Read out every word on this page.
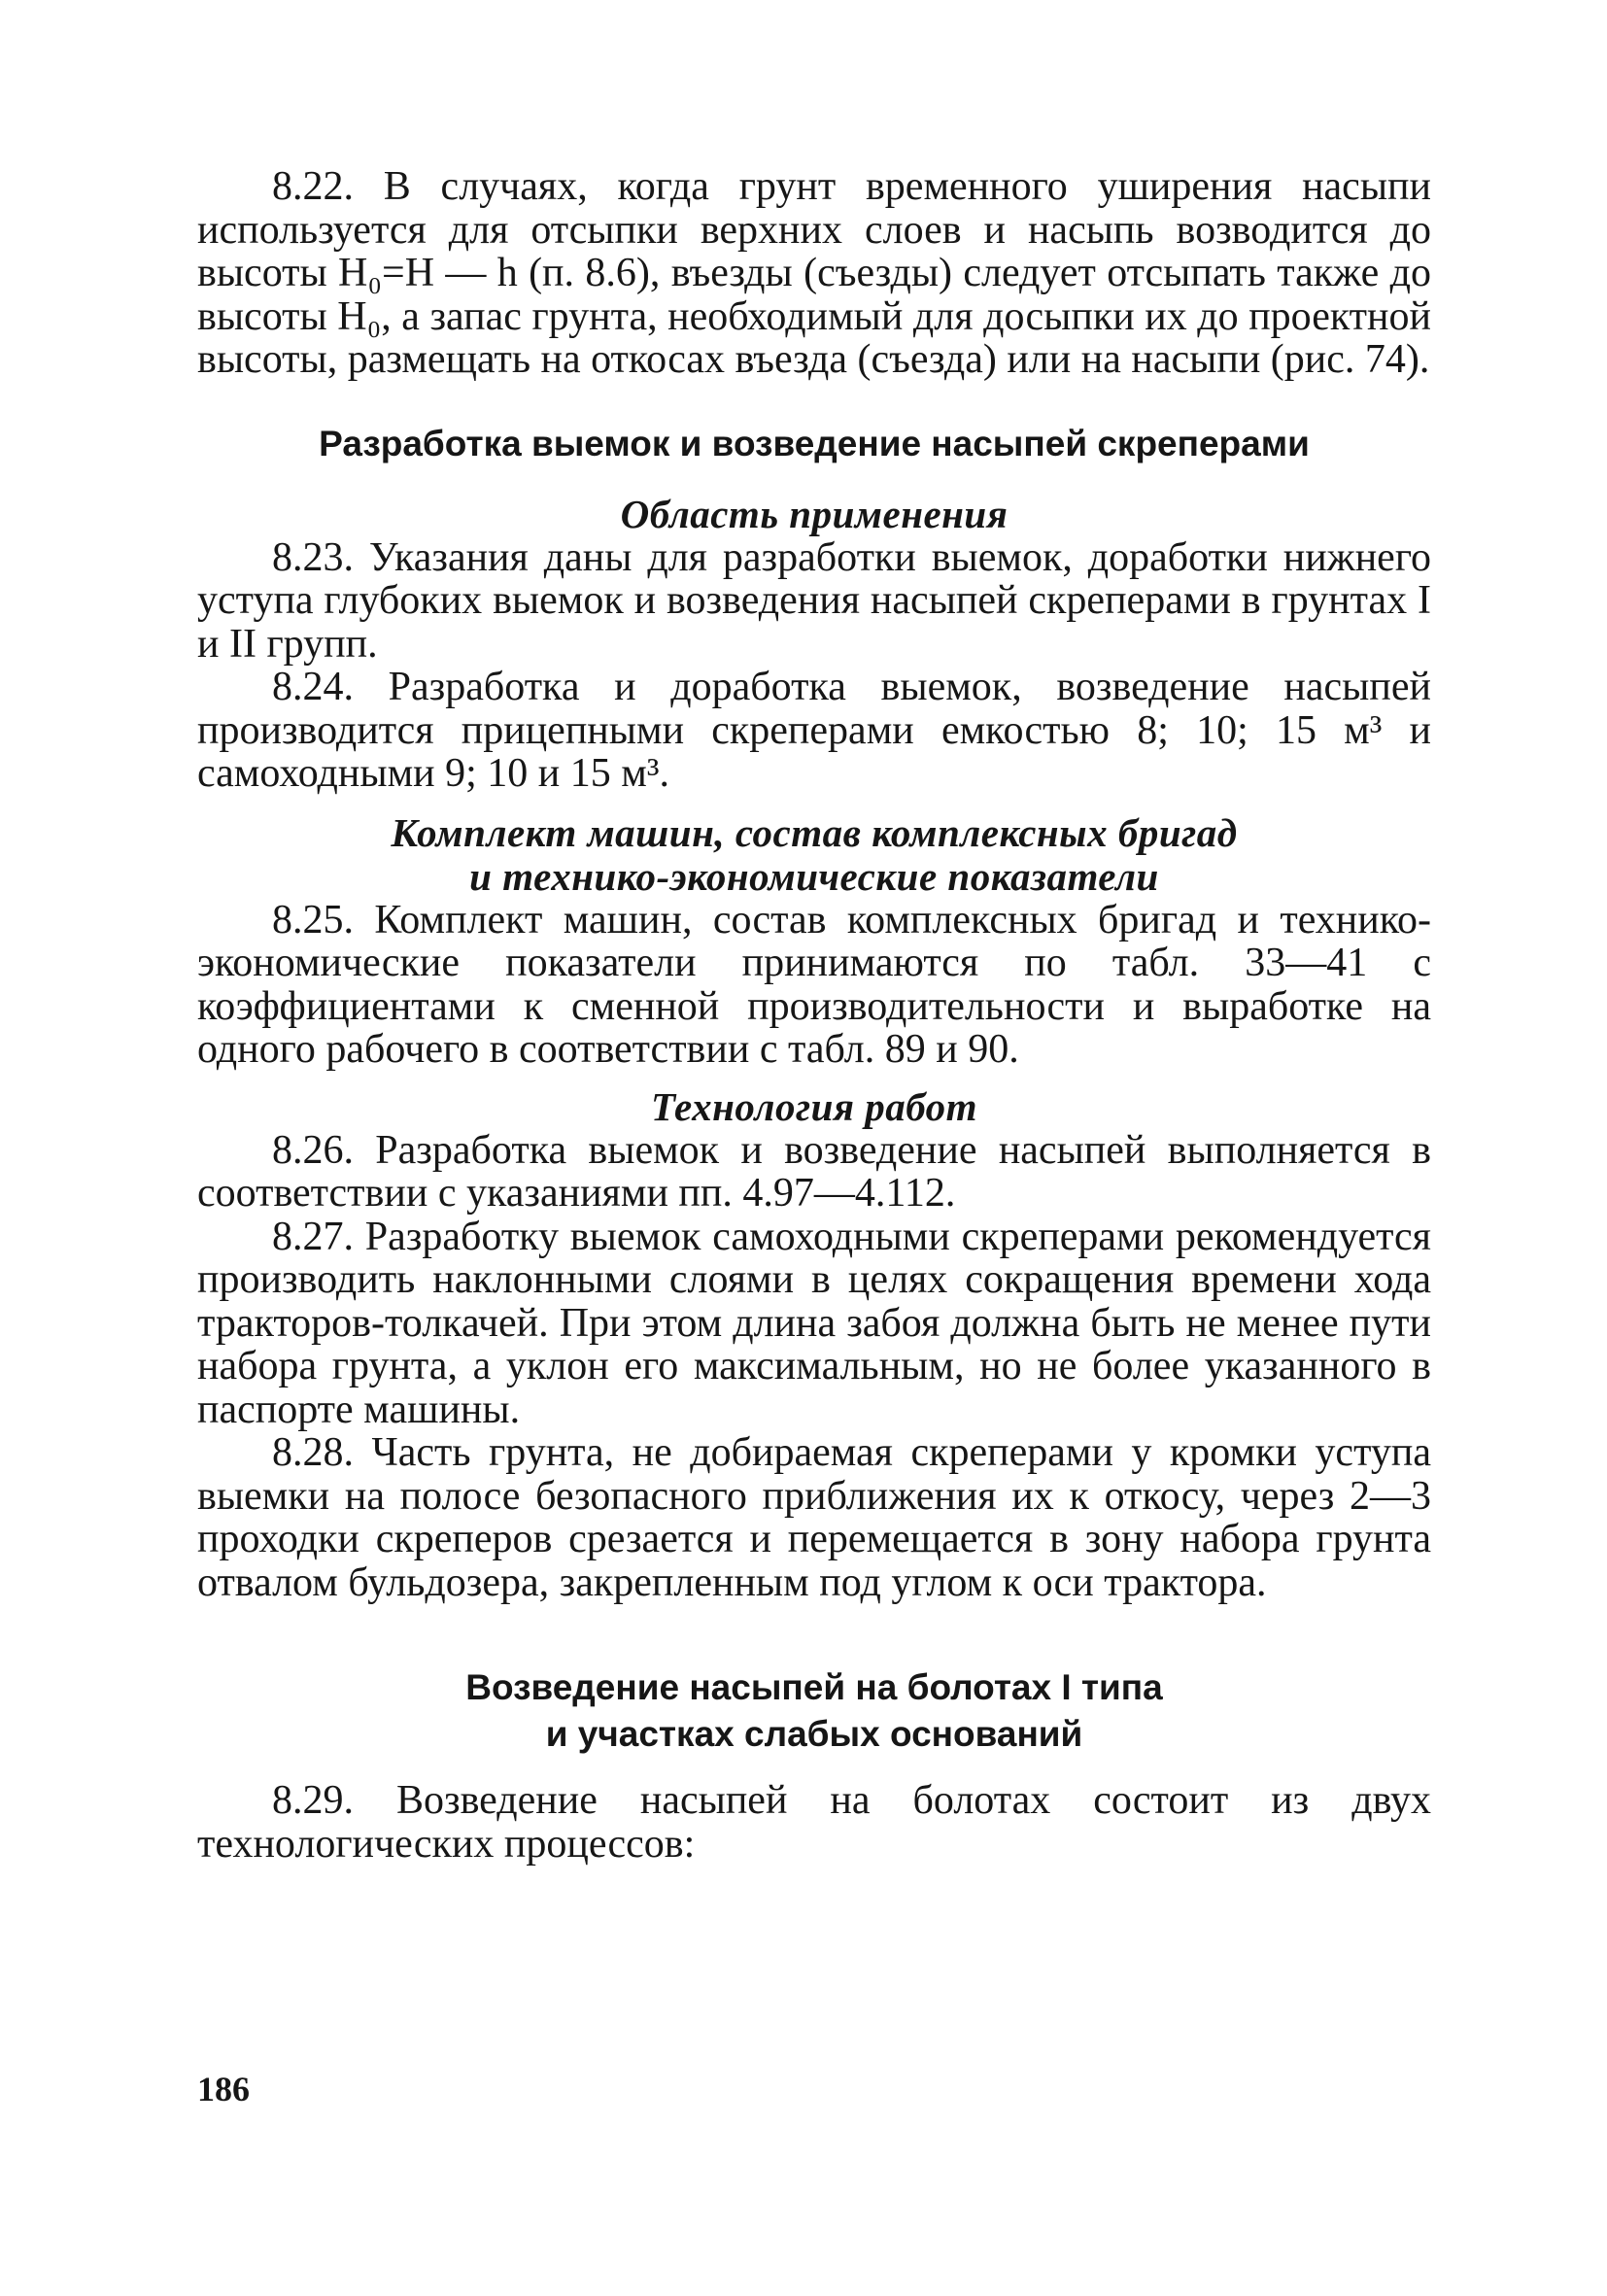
8.22. В случаях, когда грунт временного уширения насыпи используется для отсыпки верхних слоев и насыпь возводится до высоты H₀=H — h (п. 8.6), въезды (съезды) следует отсыпать также до высоты H₀, а запас грунта, необходимый для досыпки их до проектной высоты, размещать на откосах въезда (съезда) или на насыпи (рис. 74).

Разработка выемок и возведение насыпей скреперами
Область применения

8.23. Указания даны для разработки выемок, доработки нижнего уступа глубоких выемок и возведения насыпей скреперами в грунтах I и II групп.

8.24. Разработка и доработка выемок, возведение насыпей производится прицепными скреперами емкостью 8; 10; 15 м³ и самоходными 9; 10 и 15 м³.

Комплект машин, состав комплексных бригад
и технико-экономические показатели

8.25. Комплект машин, состав комплексных бригад и технико-экономические показатели принимаются по табл. 33—41 с коэффициентами к сменной производительности и выработке на одного рабочего в соответствии с табл. 89 и 90.

Технология работ

8.26. Разработка выемок и возведение насыпей выполняется в соответствии с указаниями пп. 4.97—4.112.

8.27. Разработку выемок самоходными скреперами рекомендуется производить наклонными слоями в целях сокращения времени хода тракторов-толкачей. При этом длина забоя должна быть не менее пути набора грунта, а уклон его максимальным, но не более указанного в паспорте машины.

8.28. Часть грунта, не добираемая скреперами у кромки уступа выемки на полосе безопасного приближения их к откосу, через 2—3 проходки скреперов срезается и перемещается в зону набора грунта отвалом бульдозера, закрепленным под углом к оси трактора.

Возведение насыпей на болотах I типа
и участках слабых оснований

8.29. Возведение насыпей на болотах состоит из двух технологических процессов:

186
